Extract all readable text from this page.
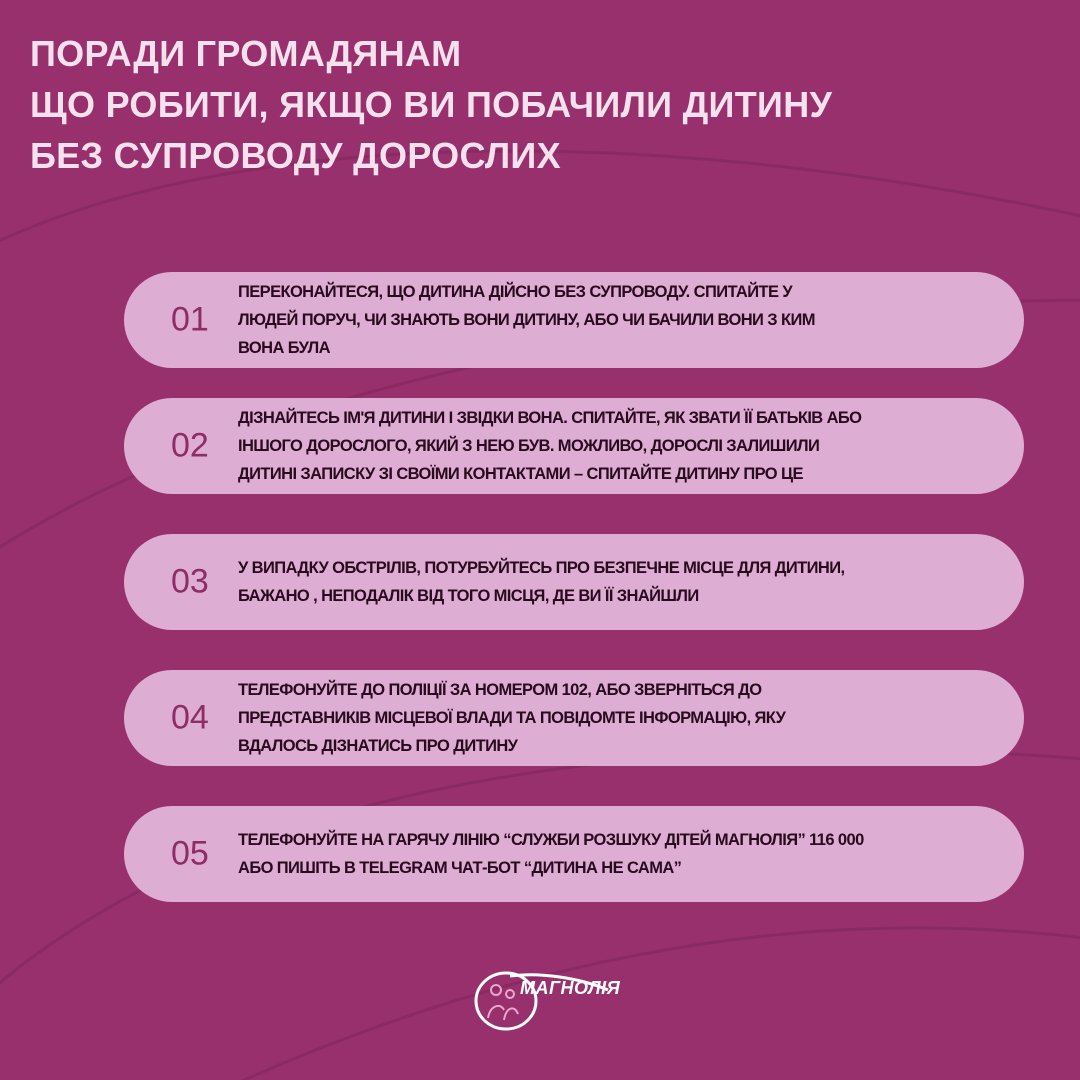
ПОРАДИ ГРОМАДЯНАМ
ЩО РОБИТИ, ЯКЩО ВИ ПОБАЧИЛИ ДИТИНУ
БЕЗ СУПРОВОДУ ДОРОСЛИХ
01
ПЕРЕКОНАЙТЕСЯ, ЩО ДИТИНА ДІЙСНО БЕЗ СУПРОВОДУ. СПИТАЙТЕ У
ЛЮДЕЙ ПОРУЧ, ЧИ ЗНАЮТЬ ВОНИ ДИТИНУ, АБО ЧИ БАЧИЛИ ВОНИ З КИМ
ВОНА БУЛА
02
ДІЗНАЙТЕСЬ ІМ'Я ДИТИНИ І ЗВІДКИ ВОНА. СПИТАЙТЕ, ЯК ЗВАТИ ЇЇ БАТЬКІВ АБО
ІНШОГО ДОРОСЛОГО, ЯКИЙ З НЕЮ БУВ. МОЖЛИВО, ДОРОСЛІ ЗАЛИШИЛИ
ДИТИНІ ЗАПИСКУ ЗІ СВОЇМИ КОНТАКТАМИ – СПИТАЙТЕ ДИТИНУ ПРО ЦЕ
03 У ВИПАДКУ ОБСТРІЛІВ, ПОТУРБУЙТЕСЬ ПРО БЕЗПЕЧНЕ МІСЦЕ ДЛЯ ДИТИНИ,
БАЖАНО , НЕПОДАЛІК ВІД ТОГО МІСЦЯ, ДЕ ВИ ЇЇ ЗНАЙШЛИ
04
ТЕЛЕФОНУЙТЕ ДО ПОЛІЦІЇ ЗА НОМЕРОМ 102, АБО ЗВЕРНІТЬСЯ ДО
ПРЕДСТАВНИКІВ МІСЦЕВОЇ ВЛАДИ ТА ПОВІДОМТЕ ІНФОРМАЦІЮ, ЯКУ
ВДАЛОСЬ ДІЗНАТИСЬ ПРО ДИТИНУ
05 ТЕЛЕФОНУЙТЕ НА ГАРЯЧУ ЛІНІЮ “СЛУЖБИ РОЗШУКУ ДІТЕЙ МАГНОЛІЯ” 116 000
АБО ПИШІТЬ В TELEGRAM ЧАТ-БОТ “ДИТИНА НЕ САМА”
МАГНОЛІЯ
